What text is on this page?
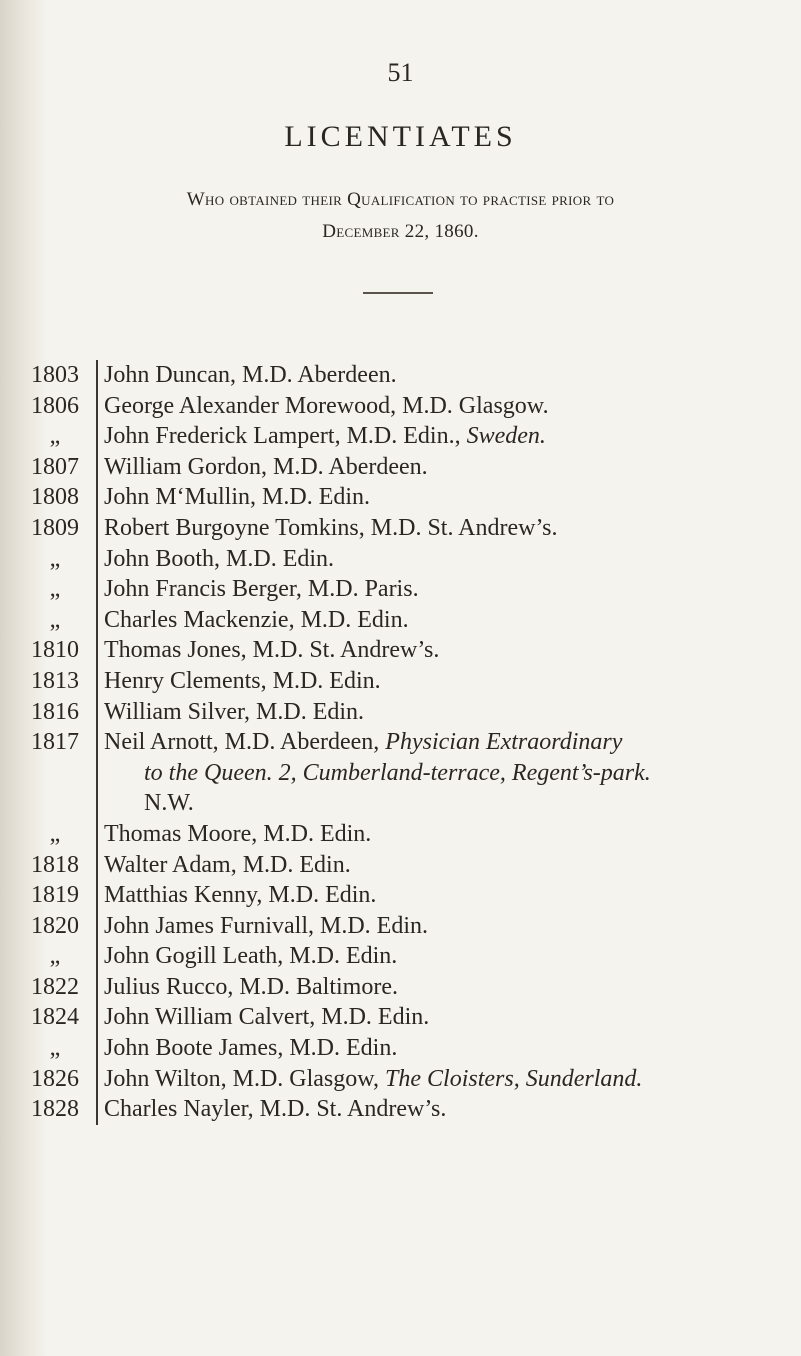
51
LICENTIATES
Who obtained their Qualification to practise prior to
December 22, 1860.
1803	John Duncan, M.D. Aberdeen.
1806	George Alexander Morewood, M.D. Glasgow.
„	John Frederick Lampert, M.D. Edin., Sweden.
1807	William Gordon, M.D. Aberdeen.
1808	John M‘Mullin, M.D. Edin.
1809	Robert Burgoyne Tomkins, M.D. St. Andrew’s.
„	John Booth, M.D. Edin.
„	John Francis Berger, M.D. Paris.
„	Charles Mackenzie, M.D. Edin.
1810	Thomas Jones, M.D. St. Andrew’s.
1813	Henry Clements, M.D. Edin.
1816	William Silver, M.D. Edin.
1817	Neil Arnott, M.D. Aberdeen, Physician Extraordinary
to the Queen. 2, Cumberland-terrace, Regent’s-park.
N.W.
„	Thomas Moore, M.D. Edin.
1818	Walter Adam, M.D. Edin.
1819	Matthias Kenny, M.D. Edin.
1820	John James Furnivall, M.D. Edin.
„	John Gogill Leath, M.D. Edin.
1822	Julius Rucco, M.D. Baltimore.
1824	John William Calvert, M.D. Edin.
„	John Boote James, M.D. Edin.
1826	John Wilton, M.D. Glasgow, The Cloisters, Sunderland.
1828	Charles Nayler, M.D. St. Andrew’s.
